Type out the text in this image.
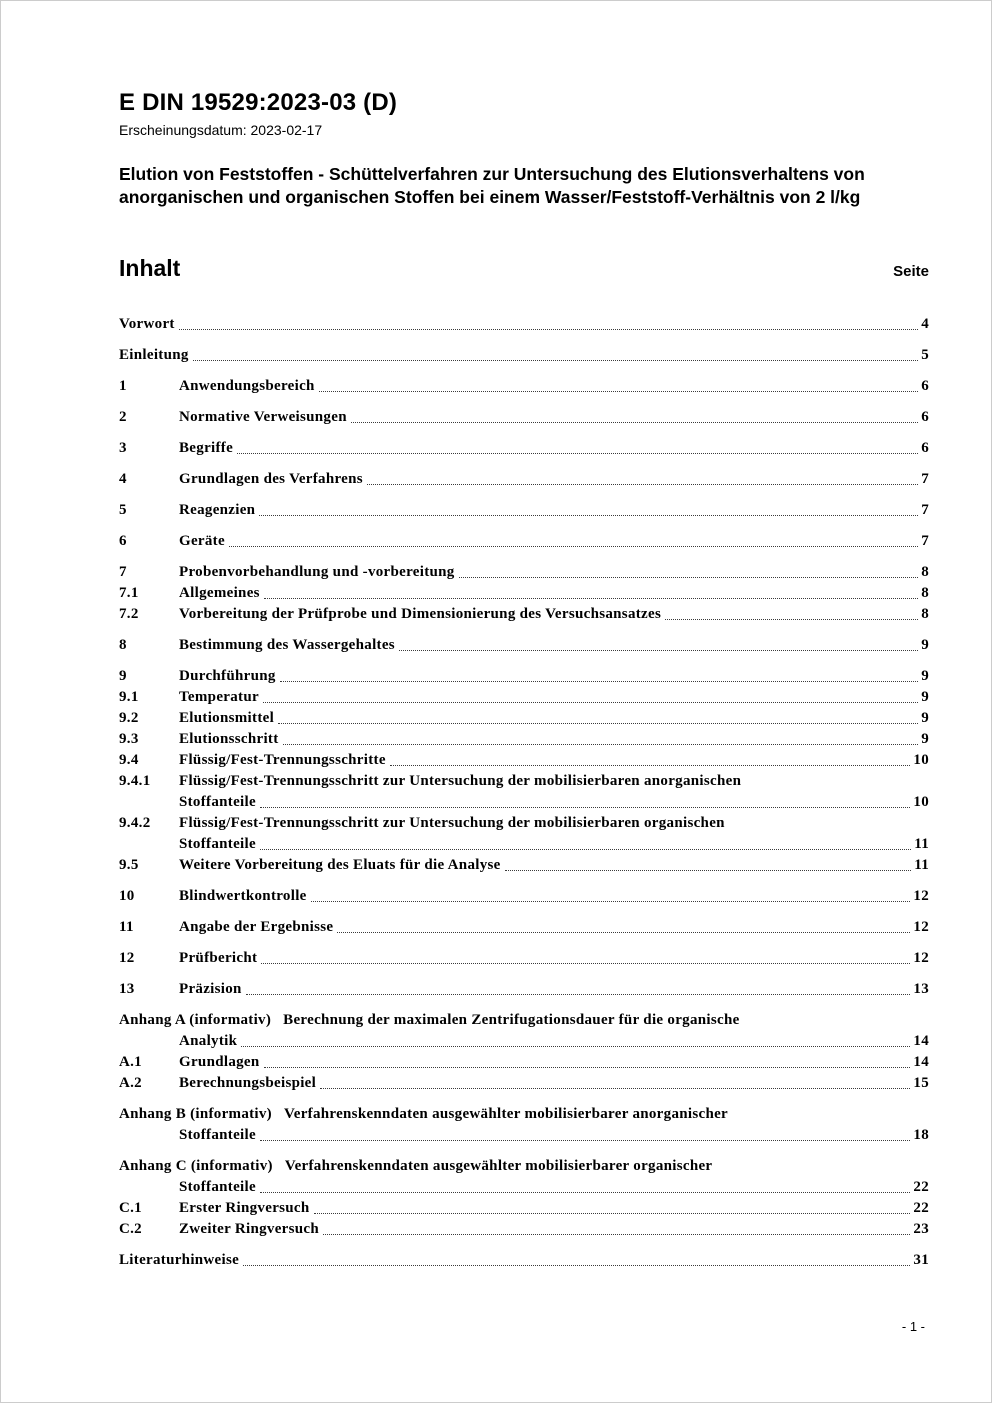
E DIN 19529:2023-03 (D)
Erscheinungsdatum: 2023-02-17
Elution von Feststoffen - Schüttelverfahren zur Untersuchung des Elutionsverhaltens von anorganischen und organischen Stoffen bei einem Wasser/Feststoff-Verhältnis von 2 l/kg
Inhalt	Seite
Vorwort	4
Einleitung	5
1	Anwendungsbereich	6
2	Normative Verweisungen	6
3	Begriffe	6
4	Grundlagen des Verfahrens	7
5	Reagenzien	7
6	Geräte	7
7	Probenvorbehandlung und -vorbereitung	8
7.1	Allgemeines	8
7.2	Vorbereitung der Prüfprobe und Dimensionierung des Versuchsansatzes	8
8	Bestimmung des Wassergehaltes	9
9	Durchführung	9
9.1	Temperatur	9
9.2	Elutionsmittel	9
9.3	Elutionsschritt	9
9.4	Flüssig/Fest-Trennungsschritte	10
9.4.1	Flüssig/Fest-Trennungsschritt zur Untersuchung der mobilisierbaren anorganischen
Stoffanteile	10
9.4.2	Flüssig/Fest-Trennungsschritt zur Untersuchung der mobilisierbaren organischen
Stoffanteile	11
9.5	Weitere Vorbereitung des Eluats für die Analyse	11
10	Blindwertkontrolle	12
11	Angabe der Ergebnisse	12
12	Prüfbericht	12
13	Präzision	13
Anhang A (informativ) Berechnung der maximalen Zentrifugationsdauer für die organische
Analytik	14
A.1	Grundlagen	14
A.2	Berechnungsbeispiel	15
Anhang B (informativ) Verfahrenskenndaten ausgewählter mobilisierbarer anorganischer
Stoffanteile	18
Anhang C (informativ) Verfahrenskenndaten ausgewählter mobilisierbarer organischer
Stoffanteile	22
C.1	Erster Ringversuch	22
C.2	Zweiter Ringversuch	23
Literaturhinweise	31
- 1 -
